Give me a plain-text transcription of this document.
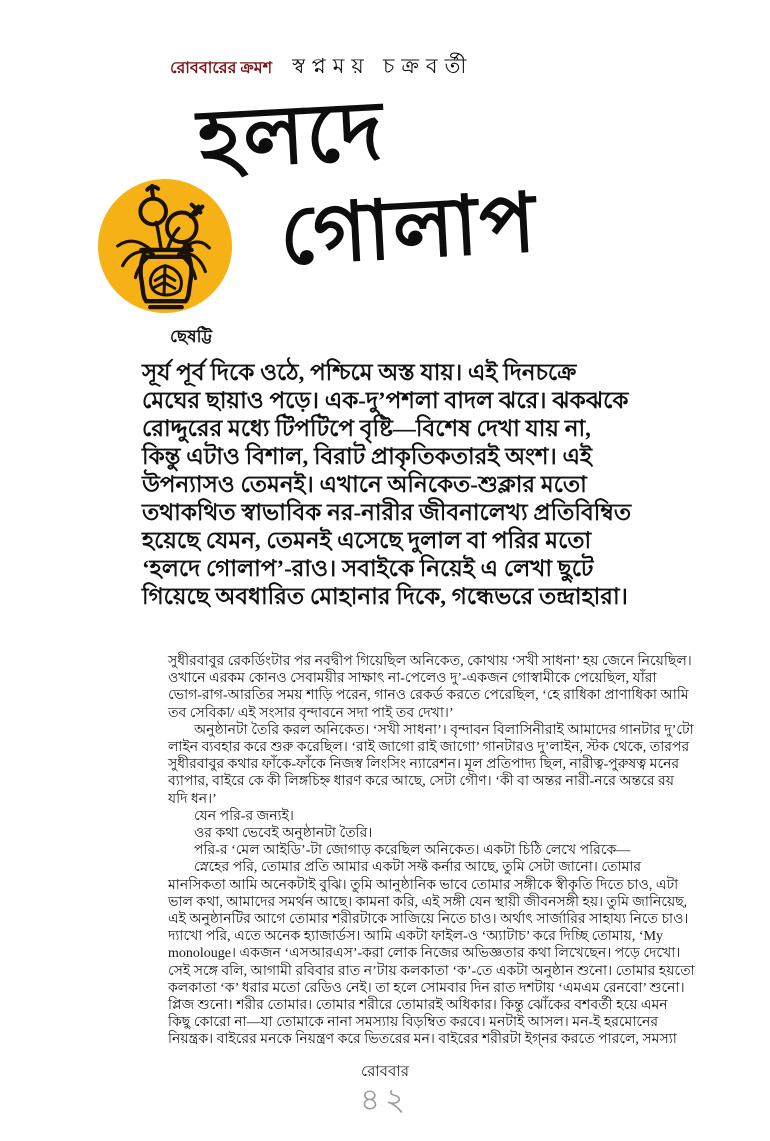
রোববারের ক্রমশ স্বপ্নময় চক্রবর্তী
হলদে
গোলাপ
ছেষট্টি
সূর্য পূর্ব দিকে ওঠে, পশ্চিমে অস্ত যায়। এই দিনচক্রে
মেঘের ছায়াও পড়ে। এক-দু’পশলা বাদল ঝরে। ঝকঝকে
রোদ্দুরের মধ্যে টিপটিপে বৃষ্টি—বিশেষ দেখা যায় না,
কিন্তু এটাও বিশাল, বিরাট প্রাকৃতিকতারই অংশ। এই
উপন্যাসও তেমনই। এখানে অনিকেত-শুক্লার মতো
তথাকথিত স্বাভাবিক নর-নারীর জীবনালেখ্য প্রতিবিম্বিত
হয়েছে যেমন, তেমনই এসেছে দুলাল বা পরির মতো
‘হলদে গোলাপ’-রাও। সবাইকে নিয়েই এ লেখা ছুটে
গিয়েছে অবধারিত মোহানার দিকে, গন্ধেভরে তন্দ্রাহারা।
সুধীরবাবুর রেকর্ডিংটার পর নবদ্বীপ গিয়েছিল অনিকেত, কোথায় ‘সখী সাধনা’ হয় জেনে নিয়েছিল।
ওখানে এরকম কোনও সেবাময়ীর সাক্ষাৎ না-পেলেও দু’-একজন গোস্বামীকে পেয়েছিল, যাঁরা
ভোগ-রাগ-আরতির সময় শাড়ি পরেন, গানও রেকর্ড করতে পেরেছিল, ‘হে রাধিকা প্রাণাধিকা আমি
তব সেবিকা/ এই সংসার বৃন্দাবনে সদা পাই তব দেখা।’
অনুষ্ঠানটা তৈরি করল অনিকেত। ‘সখী সাধনা’। বৃন্দাবন বিলাসিনীরাই আমাদের গানটার দু’টো
লাইন ব্যবহার করে শুরু করেছিল। ‘রাই জাগো রাই জাগো’ গানটারও দু’লাইন, স্টক থেকে, তারপর
সুধীরবাবুর কথার ফাঁকে-ফাঁকে নিজস্ব লিংসিং ন্যারেশন। মূল প্রতিপাদ্য ছিল, নারীত্ব-পুরুষত্ব মনের
ব্যাপার, বাইরে কে কী লিঙ্গচিহ্ন ধারণ করে আছে, সেটা গৌণ। ‘কী বা অন্তর নারী-নরে অন্তরে রয়
যদি ধন।’
যেন পরি-র জন্যই।
ওর কথা ভেবেই অনুষ্ঠানটা তৈরি।
পরি-র ‘মেল আইডি’-টা জোগাড় করেছিল অনিকেত। একটা চিঠি লেখে পরিকে—
স্নেহের পরি, তোমার প্রতি আমার একটা সফ্ট কর্নার আছে, তুমি সেটা জানো। তোমার
মানসিকতা আমি অনেকটাই বুঝি। তুমি আনুষ্ঠানিক ভাবে তোমার সঙ্গীকে স্বীকৃতি দিতে চাও, এটা
ভাল কথা, আমাদের সমর্থন আছে। কামনা করি, এই সঙ্গী যেন স্থায়ী জীবনসঙ্গী হয়। তুমি জানিয়েছ,
এই অনুষ্ঠানটির আগে তোমার শরীরটাকে সাজিয়ে নিতে চাও। অর্থাৎ সার্জারির সাহায্য নিতে চাও।
দ্যাখো পরি, এতে অনেক হ্যাজার্ডস। আমি একটা ফাইল-ও ‘অ্যাটাচ’ করে দিচ্ছি তোমায়, ‘My
monolouge। একজন ‘এসআরএস’-করা লোক নিজের অভিজ্ঞতার কথা লিখেছেন। পড়ে দেখো।
সেই সঙ্গে বলি, আগামী রবিবার রাত ন’টায় কলকাতা ‘ক’-তে একটা অনুষ্ঠান শুনো। তোমার হয়তো
কলকাতা ‘ক’ ধরার মতো রেডিও নেই। তা হলে সোমবার দিন রাত দশটায় ‘এমএম রেনবো’ শুনো।
প্লিজ শুনো। শরীর তোমার। তোমার শরীরে তোমারই অধিকার। কিন্তু ঝোঁকের বশবর্তী হয়ে এমন
কিছু কোরো না—যা তোমাকে নানা সমস্যায় বিড়ম্বিত করবে। মনটাই আসল। মন-ই হরমোনের
নিয়ন্ত্রক। বাইরের মনকে নিয়ন্ত্রণ করে ভিতরের মন। বাইরের শরীরটা ইগ্‌নর করতে পারলে, সমস্যা
রোববার
৪২
